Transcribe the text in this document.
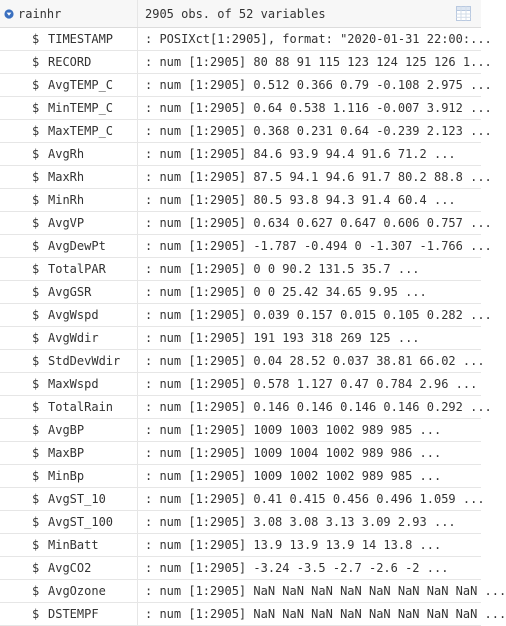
rainhr	2905 obs. of 52 variables
$ TIMESTAMP	: POSIXct[1:2905], format: "2020-01-31 22:00:...
$ RECORD	: num [1:2905] 80 88 91 115 123 124 125 126 1...
$ AvgTEMP_C	: num [1:2905] 0.512 0.366 0.79 -0.108 2.975 ...
$ MinTEMP_C	: num [1:2905] 0.64 0.538 1.116 -0.007 3.912 ...
$ MaxTEMP_C	: num [1:2905] 0.368 0.231 0.64 -0.239 2.123 ...
$ AvgRh	: num [1:2905] 84.6 93.9 94.4 91.6 71.2 ...
$ MaxRh	: num [1:2905] 87.5 94.1 94.6 91.7 80.2 88.8 ...
$ MinRh	: num [1:2905] 80.5 93.8 94.3 91.4 60.4 ...
$ AvgVP	: num [1:2905] 0.634 0.627 0.647 0.606 0.757 ...
$ AvgDewPt	: num [1:2905] -1.787 -0.494 0 -1.307 -1.766 ...
$ TotalPAR	: num [1:2905] 0 0 90.2 131.5 35.7 ...
$ AvgGSR	: num [1:2905] 0 0 25.42 34.65 9.95 ...
$ AvgWspd	: num [1:2905] 0.039 0.157 0.015 0.105 0.282 ...
$ AvgWdir	: num [1:2905] 191 193 318 269 125 ...
$ StdDevWdir : num [1:2905] 0.04 28.52 0.037 38.81 66.02 ...
$ MaxWspd	: num [1:2905] 0.578 1.127 0.47 0.784 2.96 ...
$ TotalRain	: num [1:2905] 0.146 0.146 0.146 0.146 0.292 ...
$ AvgBP	: num [1:2905] 1009 1003 1002 989 985 ...
$ MaxBP	: num [1:2905] 1009 1004 1002 989 986 ...
$ MinBp	: num [1:2905] 1009 1002 1002 989 985 ...
$ AvgST_10	: num [1:2905] 0.41 0.415 0.456 0.496 1.059 ...
$ AvgST_100	: num [1:2905] 3.08 3.08 3.13 3.09 2.93 ...
$ MinBatt	: num [1:2905] 13.9 13.9 13.9 14 13.8 ...
$ AvgCO2	: num [1:2905] -3.24 -3.5 -2.7 -2.6 -2 ...
$ AvgOzone	: num [1:2905] NaN NaN NaN NaN NaN NaN NaN NaN ...
$ DSTEMPF	: num [1:2905] NaN NaN NaN NaN NaN NaN NaN NaN ...
